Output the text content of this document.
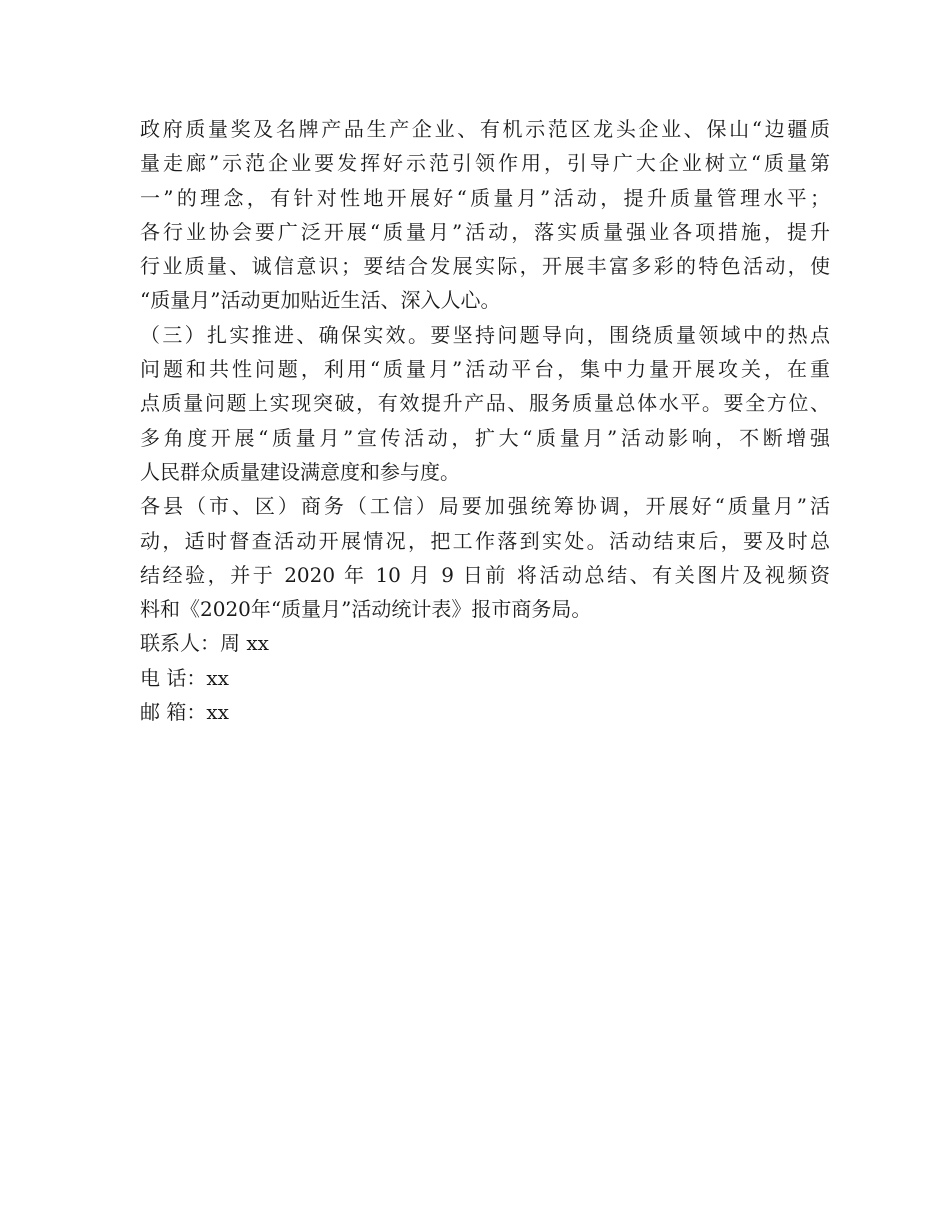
政府质量奖及名牌产品生产企业、有机示范区龙头企业、保山“边疆质
量走廊”示范企业要发挥好示范引领作用，引导广大企业树立“质量第
一”的理念，有针对性地开展好“质量月”活动，提升质量管理水平；
各行业协会要广泛开展“质量月”活动，落实质量强业各项措施，提升
行业质量、诚信意识；要结合发展实际，开展丰富多彩的特色活动，使
“质量月”活动更加贴近生活、深入人心。
（三）扎实推进、确保实效。要坚持问题导向，围绕质量领域中的热点
问题和共性问题，利用“质量月”活动平台，集中力量开展攻关，在重
点质量问题上实现突破，有效提升产品、服务质量总体水平。要全方位、
多角度开展“质量月”宣传活动，扩大“质量月”活动影响，不断增强
人民群众质量建设满意度和参与度。
各县（市、区）商务（工信）局要加强统筹协调，开展好“质量月”活
动，适时督查活动开展情况，把工作落到实处。活动结束后，要及时总
结经验，并于 2020 年 10 月 9 日前 将活动总结、有关图片及视频资
料和《2020年“质量月”活动统计表》报市商务局。
联系人：周 xx
电 话：xx
邮 箱：xx
